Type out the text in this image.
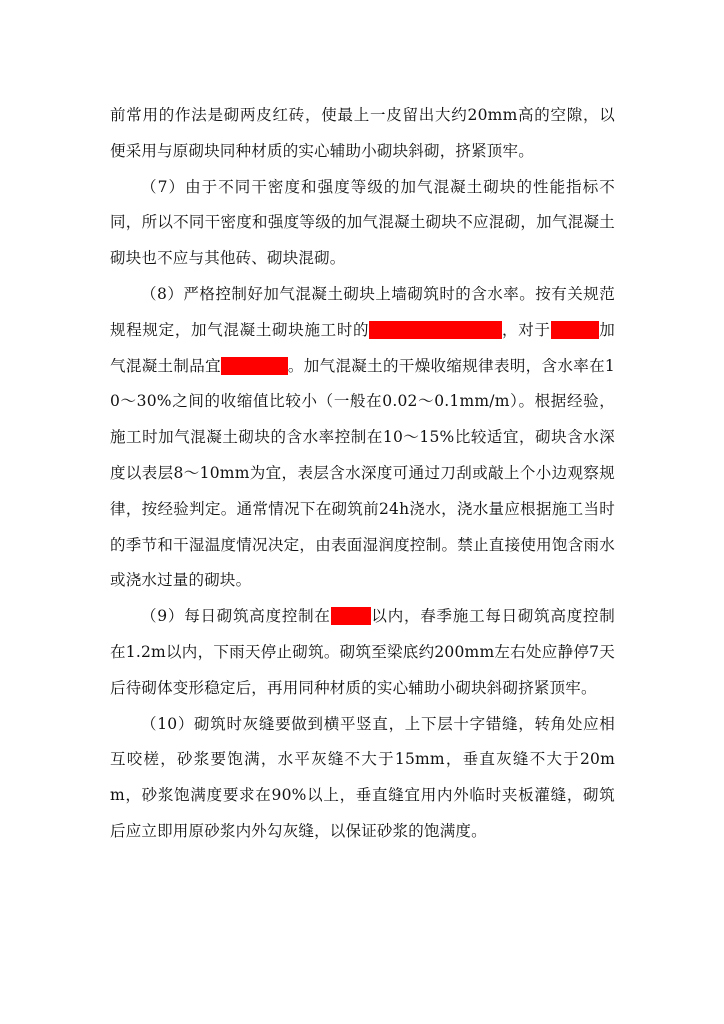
前常用的作法是砌两皮红砖，使最上一皮留出大约20mm高的空隙，以便采用与原砌块同种材质的实心辅助小砌块斜砌，挤紧顶牢。

（7）由于不同干密度和强度等级的加气混凝土砌块的性能指标不同，所以不同干密度和强度等级的加气混凝土砌块不应混砌，加气混凝土砌块也不应与其他砖、砌块混砌。

（8）严格控制好加气混凝土砌块上墙砌筑时的含水率。按有关规范规程规定，加气混凝土砌块施工时的含水率宜小于15%，对于粉煤灰加气混凝土制品宜小于20%。加气混凝土的干燥收缩规律表明，含水率在10～30%之间的收缩值比较小（一般在0.02～0.1mm/m）。根据经验，施工时加气混凝土砌块的含水率控制在10～15%比较适宜，砌块含水深度以表层8～10mm为宜，表层含水深度可通过刀刮或敲上个小边观察规律，按经验判定。通常情况下在砌筑前24h浇水，浇水量应根据施工当时的季节和干湿温度情况决定，由表面湿润度控制。禁止直接使用饱含雨水或浇水过量的砌块。

（9）每日砌筑高度控制在1.8m以内，春季施工每日砌筑高度控制在1.2m以内，下雨天停止砌筑。砌筑至梁底约200mm左右处应静停7天后待砌体变形稳定后，再用同种材质的实心辅助小砌块斜砌挤紧顶牢。

（10）砌筑时灰缝要做到横平竖直，上下层十字错缝，转角处应相互咬槎，砂浆要饱满，水平灰缝不大于15mm，垂直灰缝不大于20mm，砂浆饱满度要求在90%以上，垂直缝宜用内外临时夹板灌缝，砌筑后应立即用原砂浆内外勾灰缝，以保证砂浆的饱满度。
